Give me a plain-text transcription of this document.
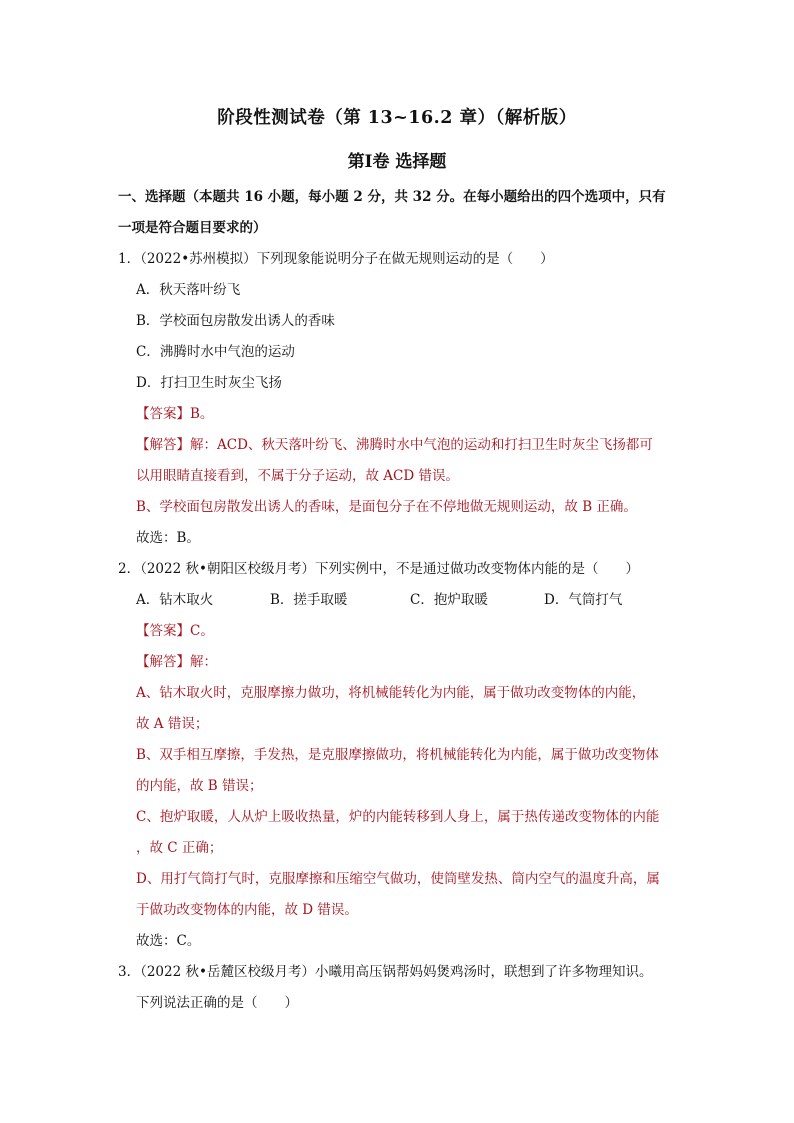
阶段性测试卷（第 13~16.2 章）（解析版）
第Ⅰ卷 选择题
一、选择题（本题共 16 小题，每小题 2 分，共 32 分。在每小题给出的四个选项中，只有
一项是符合题目要求的）
1．（2022•苏州模拟）下列现象能说明分子在做无规则运动的是（　　）
A．秋天落叶纷飞
B．学校面包房散发出诱人的香味
C．沸腾时水中气泡的运动
D．打扫卫生时灰尘飞扬
【答案】B。
【解答】解：ACD、秋天落叶纷飞、沸腾时水中气泡的运动和打扫卫生时灰尘飞扬都可
以用眼睛直接看到，不属于分子运动，故 ACD 错误。
B、学校面包房散发出诱人的香味，是面包分子在不停地做无规则运动，故 B 正确。
故选：B。
2．（2022 秋•朝阳区校级月考）下列实例中，不是通过做功改变物体内能的是（　　）
A．钻木取火	B．搓手取暖	C．抱炉取暖	D．气筒打气
【答案】C。
【解答】解：
A、钻木取火时，克服摩擦力做功，将机械能转化为内能，属于做功改变物体的内能，
故 A 错误；
B、双手相互摩擦，手发热，是克服摩擦做功，将机械能转化为内能，属于做功改变物体
的内能，故 B 错误；
C、抱炉取暖，人从炉上吸收热量，炉的内能转移到人身上，属于热传递改变物体的内能
，故 C 正确；
D、用打气筒打气时，克服摩擦和压缩空气做功，使筒壁发热、筒内空气的温度升高，属
于做功改变物体的内能，故 D 错误。
故选：C。
3．（2022 秋•岳麓区校级月考）小曦用高压锅帮妈妈煲鸡汤时，联想到了许多物理知识。
下列说法正确的是（　　）
